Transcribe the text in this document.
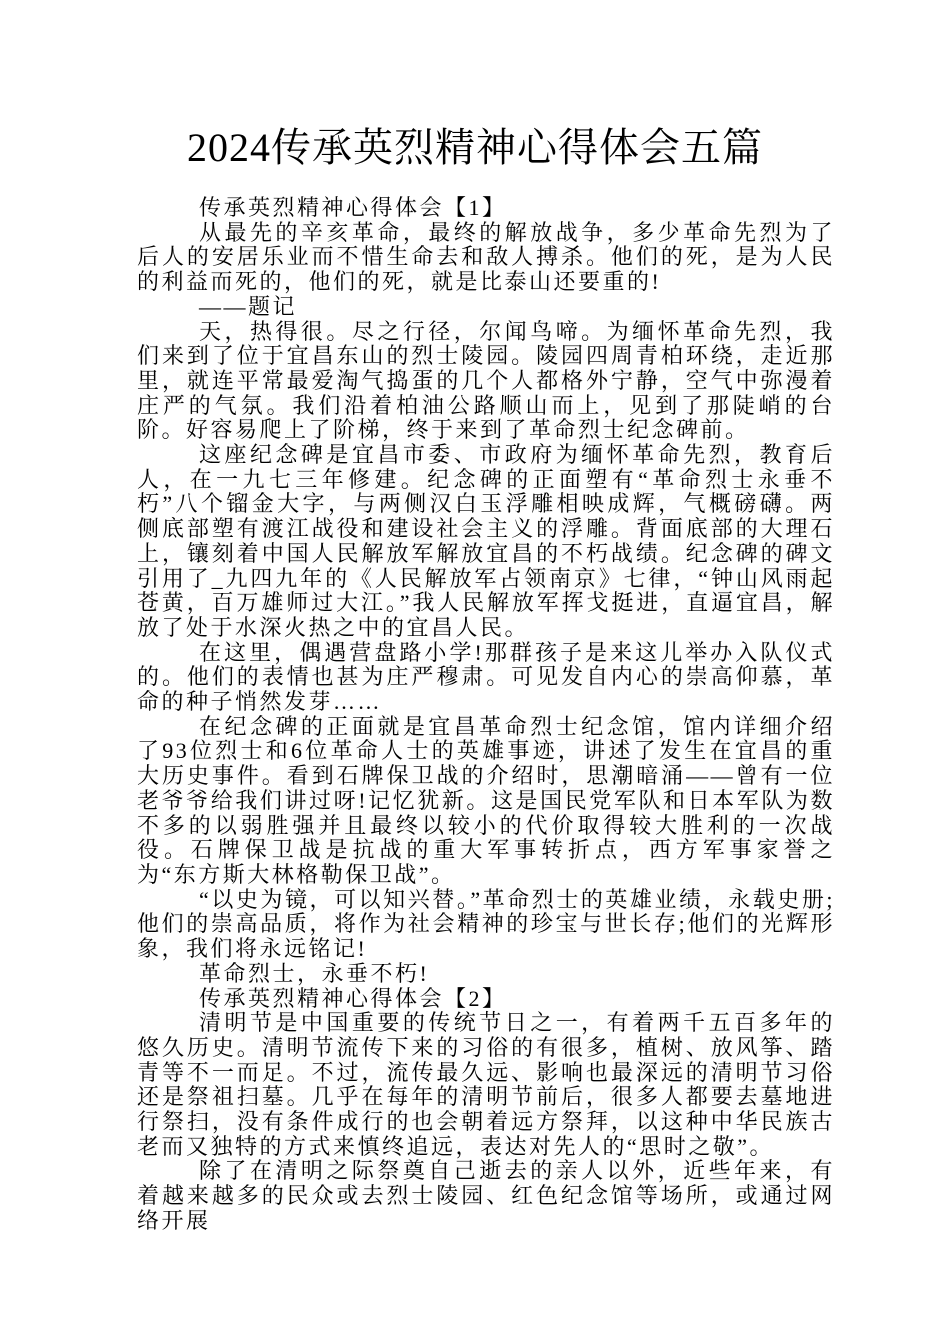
2024传承英烈精神心得体会五篇

传承英烈精神心得体会【1】

从最先的辛亥革命，最终的解放战争，多少革命先烈为了后人的安居乐业而不惜生命去和敌人搏杀。他们的死，是为人民的利益而死的，他们的死，就是比泰山还要重的!

——题记

天，热得很。尽之行径，尔闻鸟啼。为缅怀革命先烈，我们来到了位于宜昌东山的烈士陵园。陵园四周青柏环绕，走近那里，就连平常最爱淘气捣蛋的几个人都格外宁静，空气中弥漫着庄严的气氛。我们沿着柏油公路顺山而上，见到了那陡峭的台阶。好容易爬上了阶梯，终于来到了革命烈士纪念碑前。

这座纪念碑是宜昌市委、市政府为缅怀革命先烈，教育后人，在一九七三年修建。纪念碑的正面塑有“革命烈士永垂不朽”八个镏金大字，与两侧汉白玉浮雕相映成辉，气概磅礴。两侧底部塑有渡江战役和建设社会主义的浮雕。背面底部的大理石上，镶刻着中国人民解放军解放宜昌的不朽战绩。纪念碑的碑文引用了_九四九年的《人民解放军占领南京》七律，“钟山风雨起苍黄，百万雄师过大江。”我人民解放军挥戈挺进，直逼宜昌，解放了处于水深火热之中的宜昌人民。

在这里，偶遇营盘路小学!那群孩子是来这儿举办入队仪式的。他们的表情也甚为庄严穆肃。可见发自内心的崇高仰慕，革命的种子悄然发芽……

在纪念碑的正面就是宜昌革命烈士纪念馆，馆内详细介绍了93位烈士和6位革命人士的英雄事迹，讲述了发生在宜昌的重大历史事件。看到石牌保卫战的介绍时，思潮暗涌——曾有一位老爷爷给我们讲过呀!记忆犹新。这是国民党军队和日本军队为数不多的以弱胜强并且最终以较小的代价取得较大胜利的一次战役。石牌保卫战是抗战的重大军事转折点，西方军事家誉之为“东方斯大林格勒保卫战”。

“以史为镜，可以知兴替。”革命烈士的英雄业绩，永载史册;他们的崇高品质，将作为社会精神的珍宝与世长存;他们的光辉形象，我们将永远铭记!

革命烈士，永垂不朽!

传承英烈精神心得体会【2】

清明节是中国重要的传统节日之一，有着两千五百多年的悠久历史。清明节流传下来的习俗的有很多，植树、放风筝、踏青等不一而足。不过，流传最久远、影响也最深远的清明节习俗还是祭祖扫墓。几乎在每年的清明节前后，很多人都要去墓地进行祭扫，没有条件成行的也会朝着远方祭拜，以这种中华民族古老而又独特的方式来慎终追远，表达对先人的“思时之敬”。

除了在清明之际祭奠自己逝去的亲人以外，近些年来，有着越来越多的民众或去烈士陵园、红色纪念馆等场所，或通过网络开展
